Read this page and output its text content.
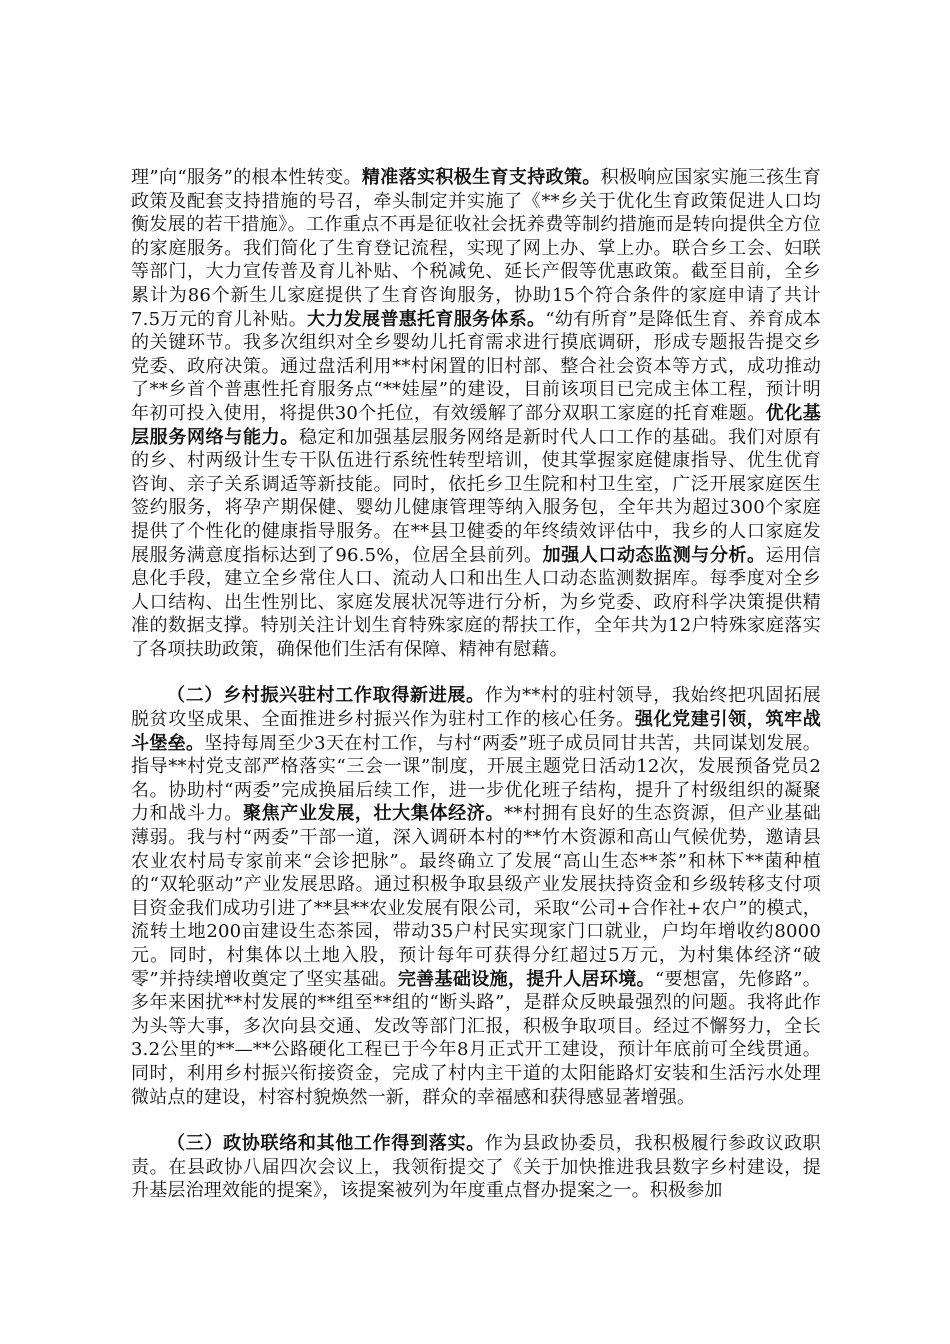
理”向“服务”的根本性转变。精准落实积极生育支持政策。积极响应国家实施三孩生育政策及配套支持措施的号召，牵头制定并实施了《**乡关于优化生育政策促进人口均衡发展的若干措施》。工作重点不再是征收社会抚养费等制约措施而是转向提供全方位的家庭服务。我们简化了生育登记流程，实现了网上办、掌上办。联合乡工会、妇联等部门，大力宣传普及育儿补贴、个税减免、延长产假等优惠政策。截至目前，全乡累计为86个新生儿家庭提供了生育咨询服务，协助15个符合条件的家庭申请了共计7.5万元的育儿补贴。大力发展普惠托育服务体系。“幼有所育”是降低生育、养育成本的关键环节。我多次组织对全乡婴幼儿托育需求进行摸底调研，形成专题报告提交乡党委、政府决策。通过盘活利用**村闲置的旧村部、整合社会资本等方式，成功推动了**乡首个普惠性托育服务点“**娃屋”的建设，目前该项目已完成主体工程，预计明年初可投入使用，将提供30个托位，有效缓解了部分双职工家庭的托育难题。优化基层服务网络与能力。稳定和加强基层服务网络是新时代人口工作的基础。我们对原有的乡、村两级计生专干队伍进行系统性转型培训，使其掌握家庭健康指导、优生优育咨询、亲子关系调适等新技能。同时，依托乡卫生院和村卫生室，广泛开展家庭医生签约服务，将孕产期保健、婴幼儿健康管理等纳入服务包，全年共为超过300个家庭提供了个性化的健康指导服务。在**县卫健委的年终绩效评估中，我乡的人口家庭发展服务满意度指标达到了96.5%，位居全县前列。加强人口动态监测与分析。运用信息化手段，建立全乡常住人口、流动人口和出生人口动态监测数据库。每季度对全乡人口结构、出生性别比、家庭发展状况等进行分析，为乡党委、政府科学决策提供精准的数据支撑。特别关注计划生育特殊家庭的帮扶工作，全年共为12户特殊家庭落实了各项扶助政策，确保他们生活有保障、精神有慰藉。

（二）乡村振兴驻村工作取得新进展。作为**村的驻村领导，我始终把巩固拓展脱贫攻坚成果、全面推进乡村振兴作为驻村工作的核心任务。强化党建引领，筑牢战斗堡垒。坚持每周至少3天在村工作，与村“两委”班子成员同甘共苦，共同谋划发展。指导**村党支部严格落实“三会一课”制度，开展主题党日活动12次，发展预备党员2名。协助村“两委”完成换届后续工作，进一步优化班子结构，提升了村级组织的凝聚力和战斗力。聚焦产业发展，壮大集体经济。**村拥有良好的生态资源，但产业基础薄弱。我与村“两委”干部一道，深入调研本村的**竹木资源和高山气候优势，邀请县农业农村局专家前来“会诊把脉”。最终确立了发展“高山生态**茶”和林下**菌种植的“双轮驱动”产业发展思路。通过积极争取县级产业发展扶持资金和乡级转移支付项目资金我们成功引进了**县**农业发展有限公司，采取“公司+合作社+农户”的模式，流转土地200亩建设生态茶园，带动35户村民实现家门口就业，户均年增收约8000元。同时，村集体以土地入股，预计每年可获得分红超过5万元，为村集体经济“破零”并持续增收奠定了坚实基础。完善基础设施，提升人居环境。“要想富，先修路”。多年来困扰**村发展的**组至**组的“断头路”，是群众反映最强烈的问题。我将此作为头等大事，多次向县交通、发改等部门汇报，积极争取项目。经过不懈努力，全长3.2公里的**—**公路硬化工程已于今年8月正式开工建设，预计年底前可全线贯通。同时，利用乡村振兴衔接资金，完成了村内主干道的太阳能路灯安装和生活污水处理微站点的建设，村容村貌焕然一新，群众的幸福感和获得感显著增强。

（三）政协联络和其他工作得到落实。作为县政协委员，我积极履行参政议政职责。在县政协八届四次会议上，我领衔提交了《关于加快推进我县数字乡村建设，提升基层治理效能的提案》，该提案被列为年度重点督办提案之一。积极参加
